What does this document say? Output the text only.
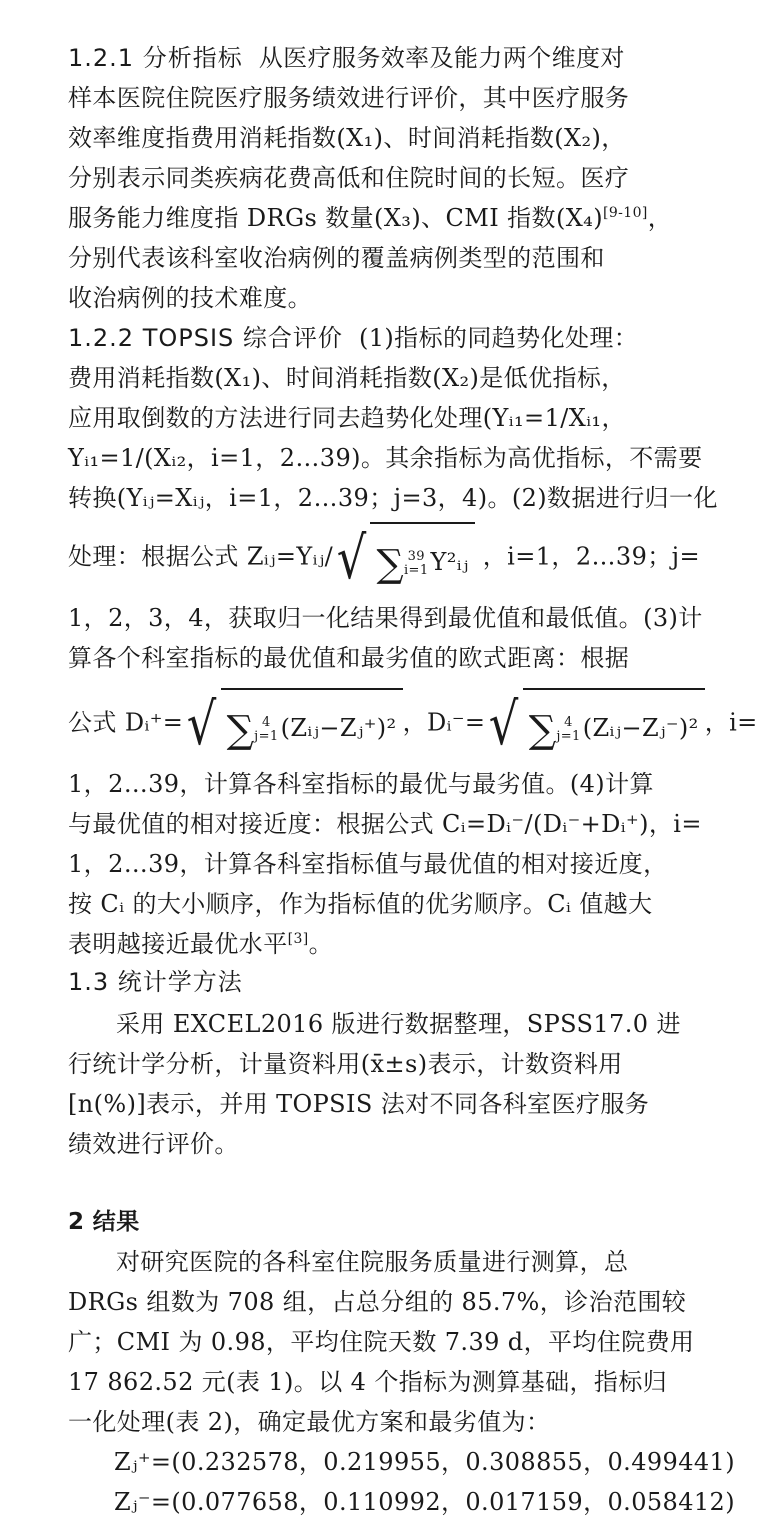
1.2.1 分析指标 从医疗服务效率及能力两个维度对
样本医院住院医疗服务绩效进行评价，其中医疗服务
效率维度指费用消耗指数(X₁)、时间消耗指数(X₂)，
分别表示同类疾病花费高低和住院时间的长短。医疗
服务能力维度指 DRGs 数量(X₃)、CMI 指数(X₄)[9-10]，
分别代表该科室收治病例的覆盖病例类型的范围和
收治病例的技术难度。
1.2.2 TOPSIS 综合评价 (1)指标的同趋势化处理：
费用消耗指数(X₁)、时间消耗指数(X₂)是低优指标，
应用取倒数的方法进行同去趋势化处理(Yᵢ₁=1/Xᵢ₁，
Yᵢ₁=1/(Xᵢ₂，i=1，2…39)。其余指标为高优指标，不需要
转换(Yᵢⱼ=Xᵢⱼ，i=1，2…39；j=3，4)。(2)数据进行归一化
处理：根据公式 Zᵢⱼ=Yᵢⱼ/√ ∑ 39
i=1Y²ᵢⱼ ，i=1，2…39；j=
1，2，3，4，获取归一化结果得到最优值和最低值。(3)计
算各个科室指标的最优值和最劣值的欧式距离：根据
公式 Dᵢ⁺=√ ∑ 4
j=1(Zᵢⱼ−Zⱼ⁺)² ，Dᵢ⁻=√ ∑ 4
j=1(Zᵢⱼ−Zⱼ⁻)² ，i=
1，2…39，计算各科室指标的最优与最劣值。(4)计算
与最优值的相对接近度：根据公式 Cᵢ=Dᵢ⁻/(Dᵢ⁻+Dᵢ⁺)，i=
1，2…39，计算各科室指标值与最优值的相对接近度，
按 Cᵢ 的大小顺序，作为指标值的优劣顺序。Cᵢ 值越大
表明越接近最优水平[3]。
1.3 统计学方法
采用 EXCEL2016 版进行数据整理，SPSS17.0 进
行统计学分析，计量资料用(x̄±s)表示，计数资料用
[n(%)]表示，并用 TOPSIS 法对不同各科室医疗服务
绩效进行评价。
2 结果
对研究医院的各科室住院服务质量进行测算，总
DRGs 组数为 708 组，占总分组的 85.7%，诊治范围较
广；CMI 为 0.98，平均住院天数 7.39 d，平均住院费用
17 862.52 元(表 1)。以 4 个指标为测算基础，指标归
一化处理(表 2)，确定最优方案和最劣值为：
Zⱼ⁺=(0.232578，0.219955，0.308855，0.499441)
Zⱼ⁻=(0.077658，0.110992，0.017159，0.058412)
